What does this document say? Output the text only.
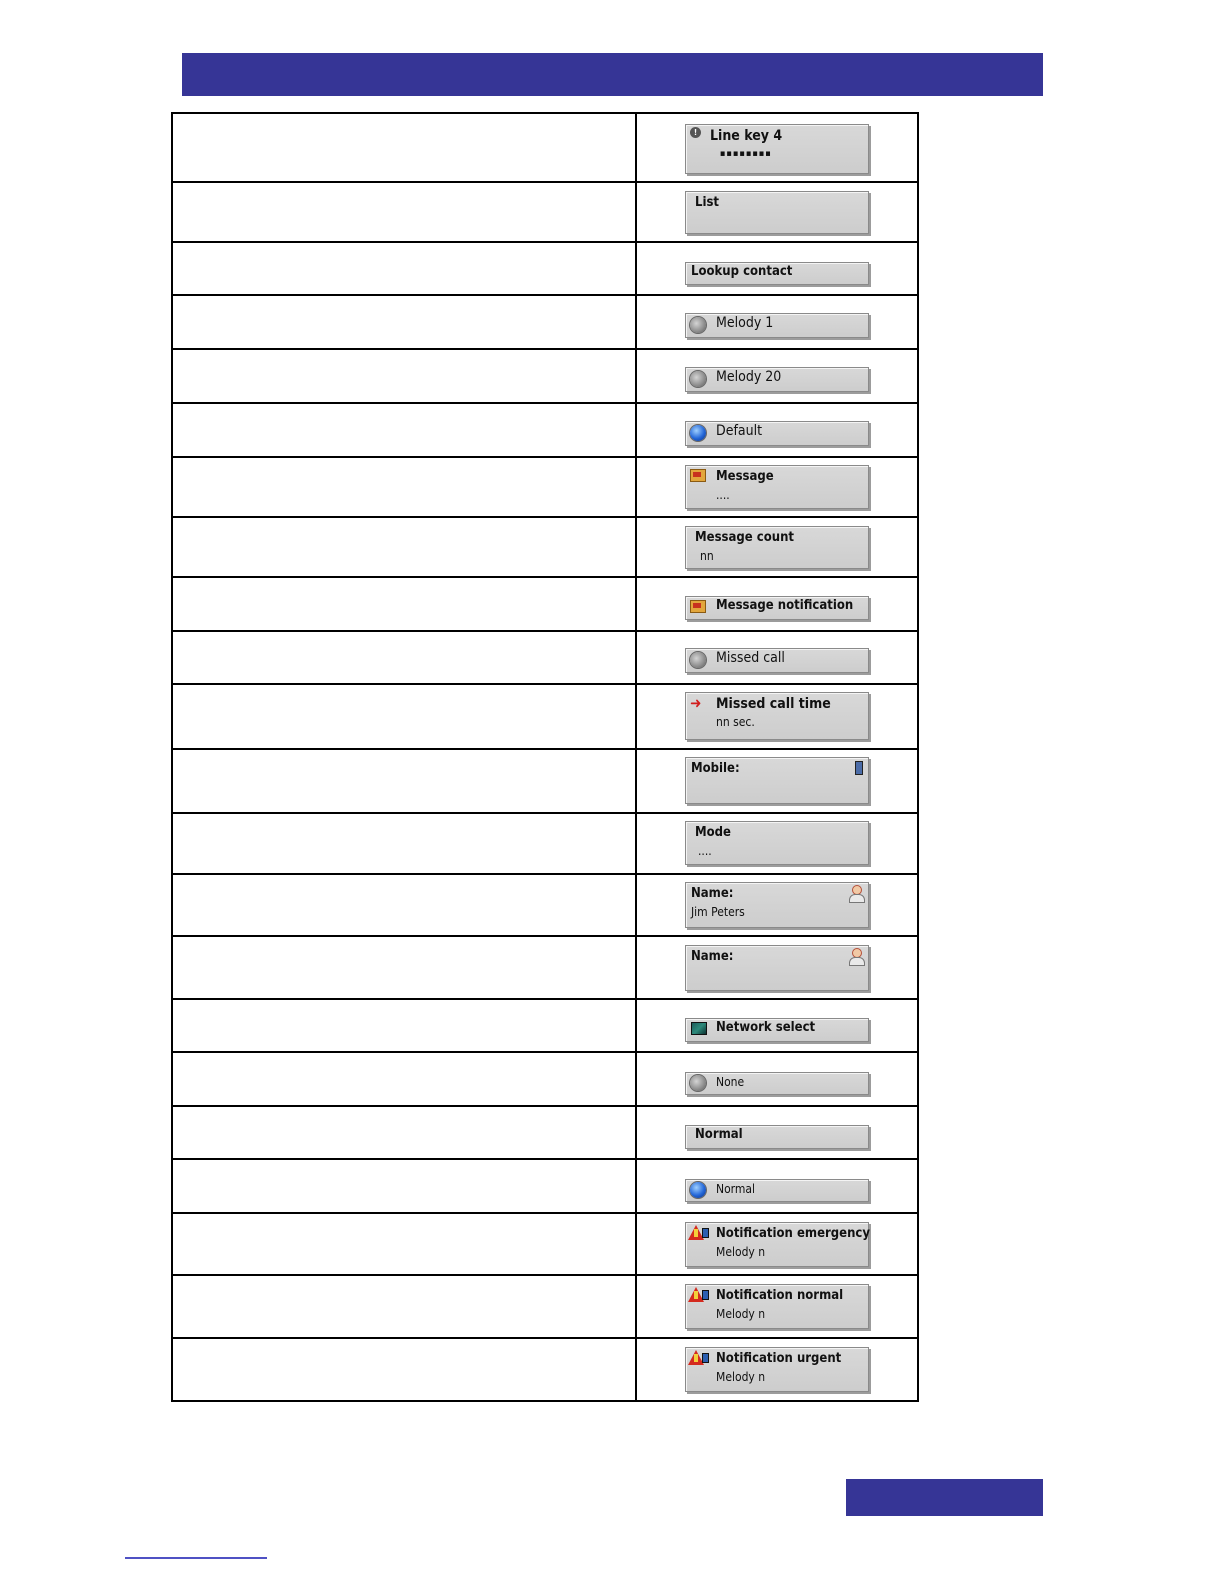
	! Line key 4
▪▪▪▪▪▪▪▪

	List

	Lookup contact

	Melody 1

	Melody 20

	Default

	Message
....

	Message count
nn

	Message notification

	Missed call

	➜ Missed call time
nn sec.

	Mobile:

	Mode
....

	Name:
Jim Peters

	Name:

	Network select

	None

	Normal

	Normal

	Notification emergency
Melody n

	Notification normal
Melody n

	Notification urgent
Melody n
